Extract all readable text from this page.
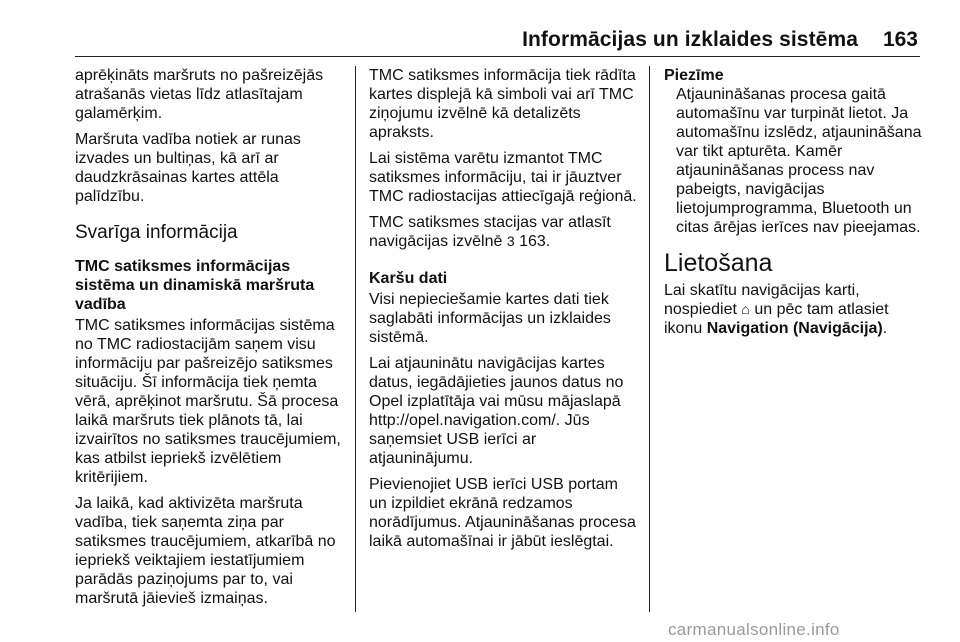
Informācijas un izklaides sistēma 163

aprēķināts maršruts no pašreizējās atrašanās vietas līdz atlasītajam galamērķim.

Maršruta vadība notiek ar runas izvades un bultiņas, kā arī ar daudzkrāsainas kartes attēla palīdzību.

Svarīga informācija
TMC satiksmes informācijas sistēma un dinamiskā maršruta vadība

TMC satiksmes informācijas sistēma no TMC radiostacijām saņem visu informāciju par pašreizējo satiksmes situāciju. Šī informācija tiek ņemta vērā, aprēķinot maršrutu. Šā procesa laikā maršruts tiek plānots tā, lai izvairītos no satiksmes traucējumiem, kas atbilst iepriekš izvēlētiem kritērijiem.

Ja laikā, kad aktivizēta maršruta vadība, tiek saņemta ziņa par satiksmes traucējumiem, atkarībā no iepriekš veiktajiem iestatījumiem parādās paziņojums par to, vai maršrutā jāievieš izmaiņas.

TMC satiksmes informācija tiek rādīta kartes displejā kā simboli vai arī TMC ziņojumu izvēlnē kā detalizēts apraksts.

Lai sistēma varētu izmantot TMC satiksmes informāciju, tai ir jāuztver TMC radiostacijas attiecīgajā reģionā.

TMC satiksmes stacijas var atlasīt navigācijas izvēlnē 3 163.

Karšu dati

Visi nepieciešamie kartes dati tiek saglabāti informācijas un izklaides sistēmā.

Lai atjauninātu navigācijas kartes datus, iegādājieties jaunos datus no Opel izplatītāja vai mūsu mājaslapā http://opel.navigation.com/. Jūs saņemsiet USB ierīci ar atjauninājumu.

Pievienojiet USB ierīci USB portam un izpildiet ekrānā redzamos norādījumus. Atjaunināšanas procesa laikā automašīnai ir jābūt ieslēgtai.

Piezīme
Atjaunināšanas procesa gaitā automašīnu var turpināt lietot. Ja automašīnu izslēdz, atjaunināšana var tikt apturēta. Kamēr atjaunināšanas process nav pabeigts, navigācijas lietojumprogramma, Bluetooth un citas ārējas ierīces nav pieejamas.
Lietošana

Lai skatītu navigācijas karti, nospiediet ⌂ un pēc tam atlasiet ikonu Navigation (Navigācija).

carmanualsonline.info
